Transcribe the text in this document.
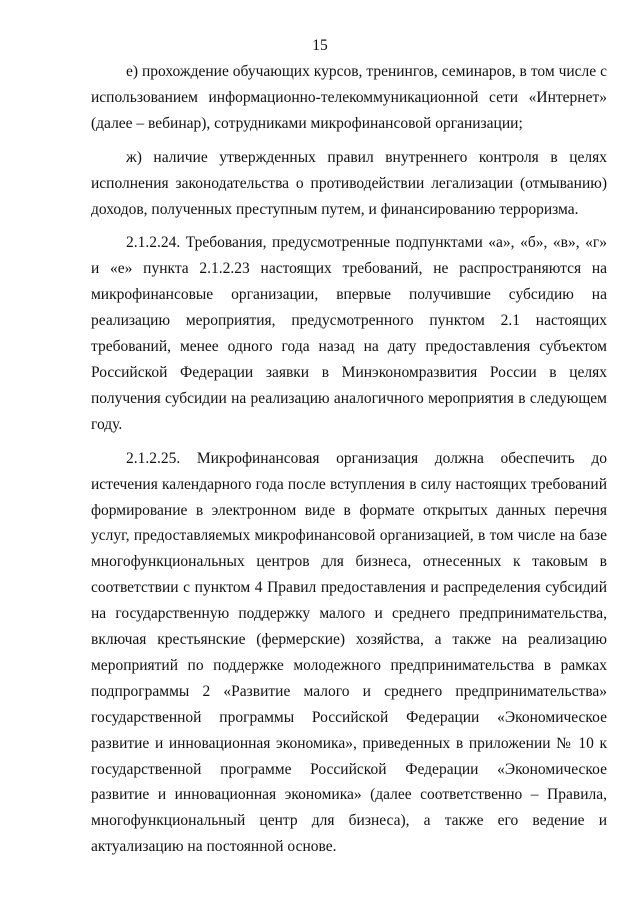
15

е) прохождение обучающих курсов, тренингов, семинаров, в том числе с использованием информационно-телекоммуникационной сети «Интернет» (далее – вебинар), сотрудниками микрофинансовой организации;

ж) наличие утвержденных правил внутреннего контроля в целях исполнения законодательства о противодействии легализации (отмыванию) доходов, полученных преступным путем, и финансированию терроризма.

2.1.2.24. Требования, предусмотренные подпунктами «а», «б», «в», «г» и «е» пункта 2.1.2.23 настоящих требований, не распространяются на микрофинансовые организации, впервые получившие субсидию на реализацию мероприятия, предусмотренного пунктом 2.1 настоящих требований, менее одного года назад на дату предоставления субъектом Российской Федерации заявки в Минэкономразвития России в целях получения субсидии на реализацию аналогичного мероприятия в следующем году.

2.1.2.25. Микрофинансовая организация должна обеспечить до истечения календарного года после вступления в силу настоящих требований формирование в электронном виде в формате открытых данных перечня услуг, предоставляемых микрофинансовой организацией, в том числе на базе многофункциональных центров для бизнеса, отнесенных к таковым в соответствии с пунктом 4 Правил предоставления и распределения субсидий на государственную поддержку малого и среднего предпринимательства, включая крестьянские (фермерские) хозяйства, а также на реализацию мероприятий по поддержке молодежного предпринимательства в рамках подпрограммы 2 «Развитие малого и среднего предпринимательства» государственной программы Российской Федерации «Экономическое развитие и инновационная экономика», приведенных в приложении № 10 к государственной программе Российской Федерации «Экономическое развитие и инновационная экономика» (далее соответственно – Правила, многофункциональный центр для бизнеса), а также его ведение и актуализацию на постоянной основе.
